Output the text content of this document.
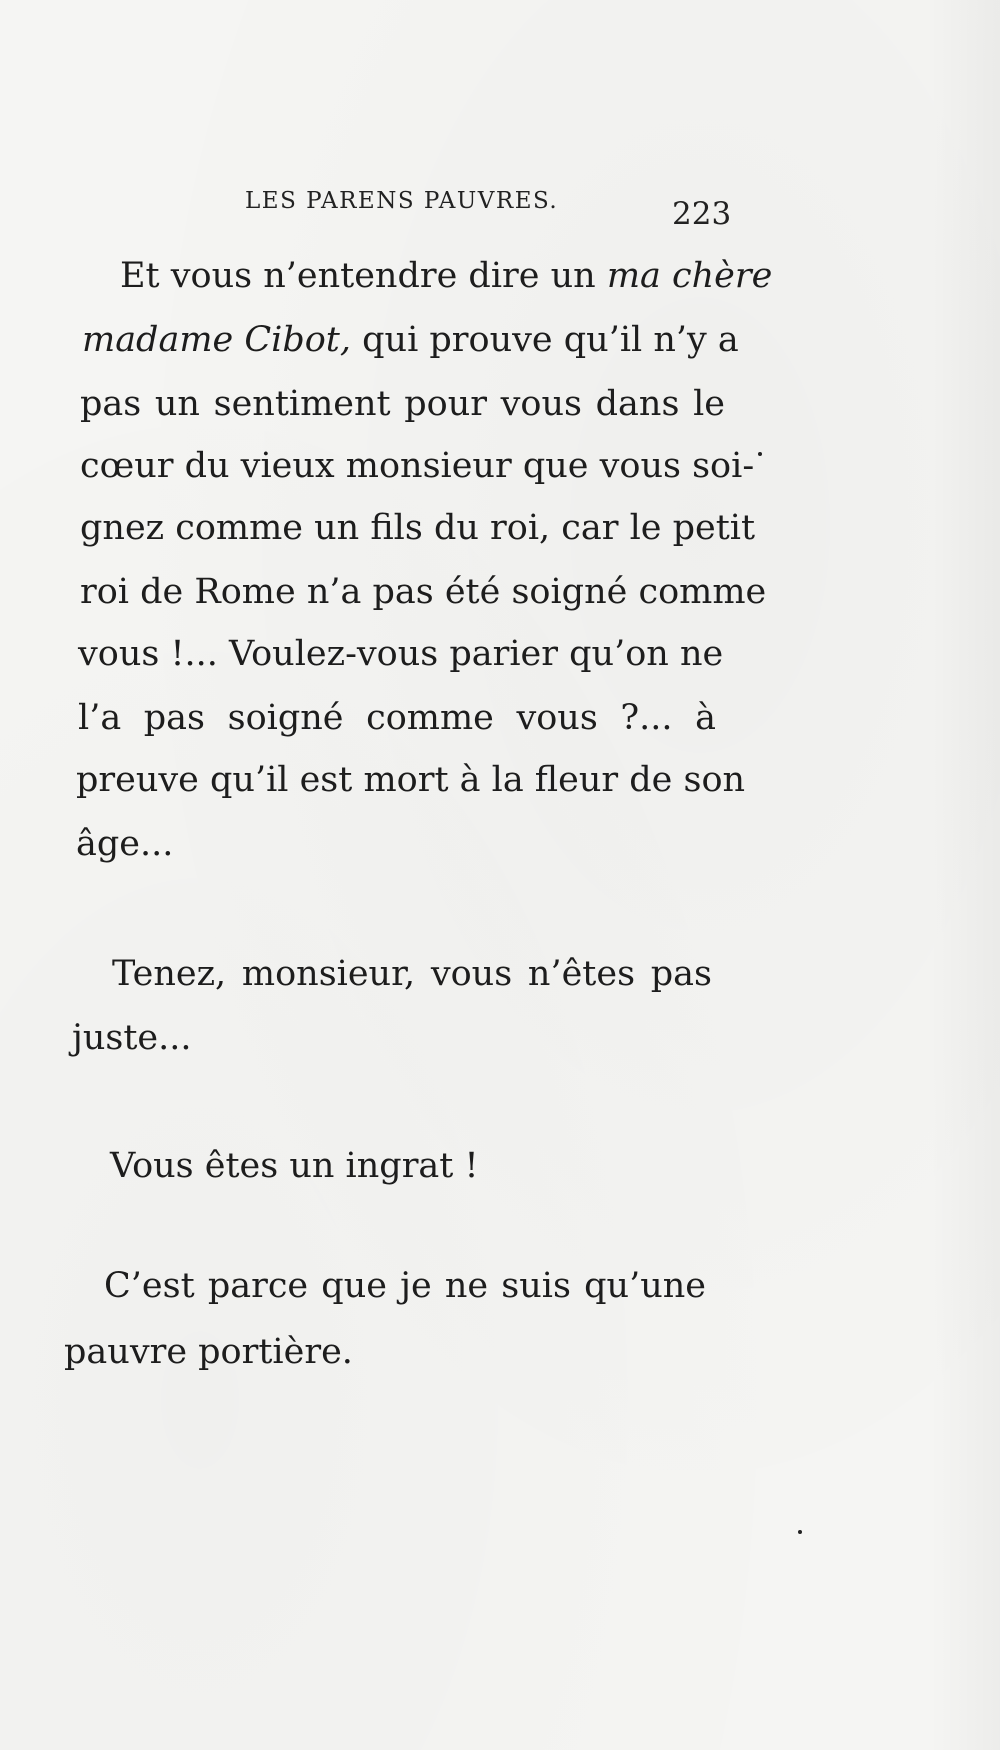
LES PARENS PAUVRES.	223
Et vous n’entendre dire un ma chère
madame Cibot, qui prouve qu’il n’y a
pas un sentiment pour vous dans le
cœur du vieux monsieur que vous soi-
gnez comme un fils du roi, car le petit
roi de Rome n’a pas été soigné comme
vous !... Voulez-vous parier qu’on ne
l’a pas soigné comme vous ?... à
preuve qu’il est mort à la fleur de son
âge...
Tenez, monsieur, vous n’êtes pas
juste...
Vous êtes un ingrat !
C’est parce que je ne suis qu’une
pauvre portière.
